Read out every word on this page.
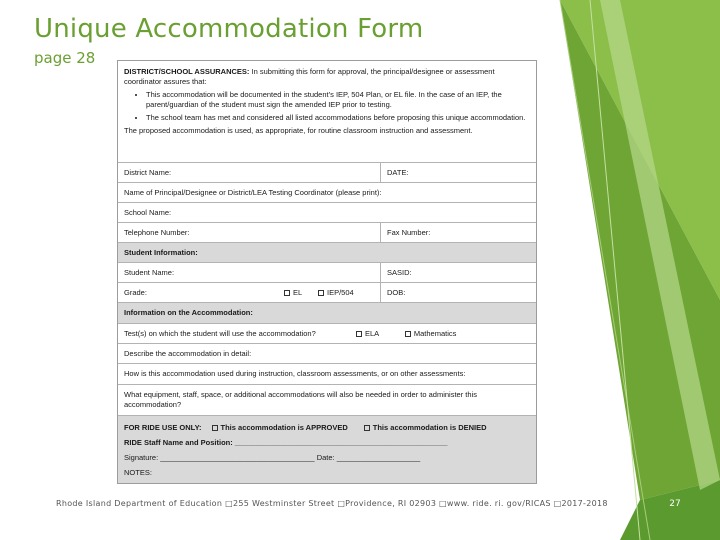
Unique Accommodation Form
page 28

DISTRICT/SCHOOL ASSURANCES: In submitting this form for approval, the principal/designee or assessment coordinator assures that:

• This accommodation will be documented in the student’s IEP, 504 Plan, or EL file. In the case of an IEP, the parent/guardian of the student must sign the amended IEP prior to testing.
• The school team has met and considered all listed accommodations before proposing this unique accommodation.

The proposed accommodation is used, as appropriate, for routine classroom instruction and assessment.

District Name:	DATE:
Name of Principal/Designee or District/LEA Testing Coordinator (please print):
School Name:
Telephone Number:	Fax Number:
Student Information:
Student Name:	SASID:
Grade:	EL	IEP/504	DOB:
Information on the Accommodation:
Test(s) on which the student will use the accommodation?	ELA	Mathematics
Describe the accommodation in detail:
How is this accommodation used during instruction, classroom assessments, or on other assessments:
What equipment, staff, space, or additional accommodations will also be needed in order to administer this accommodation?
FOR RIDE USE ONLY:	This accommodation is APPROVED	This accommodation is DENIED
RIDE Staff Name and Position: ___________________________________________________
Signature: _____________________________________ Date: ____________________
NOTES:
Rhode Island Department of Education □255 Westminster Street □Providence, RI 02903 □www. ride. ri. gov/RICAS □2017-2018	27
